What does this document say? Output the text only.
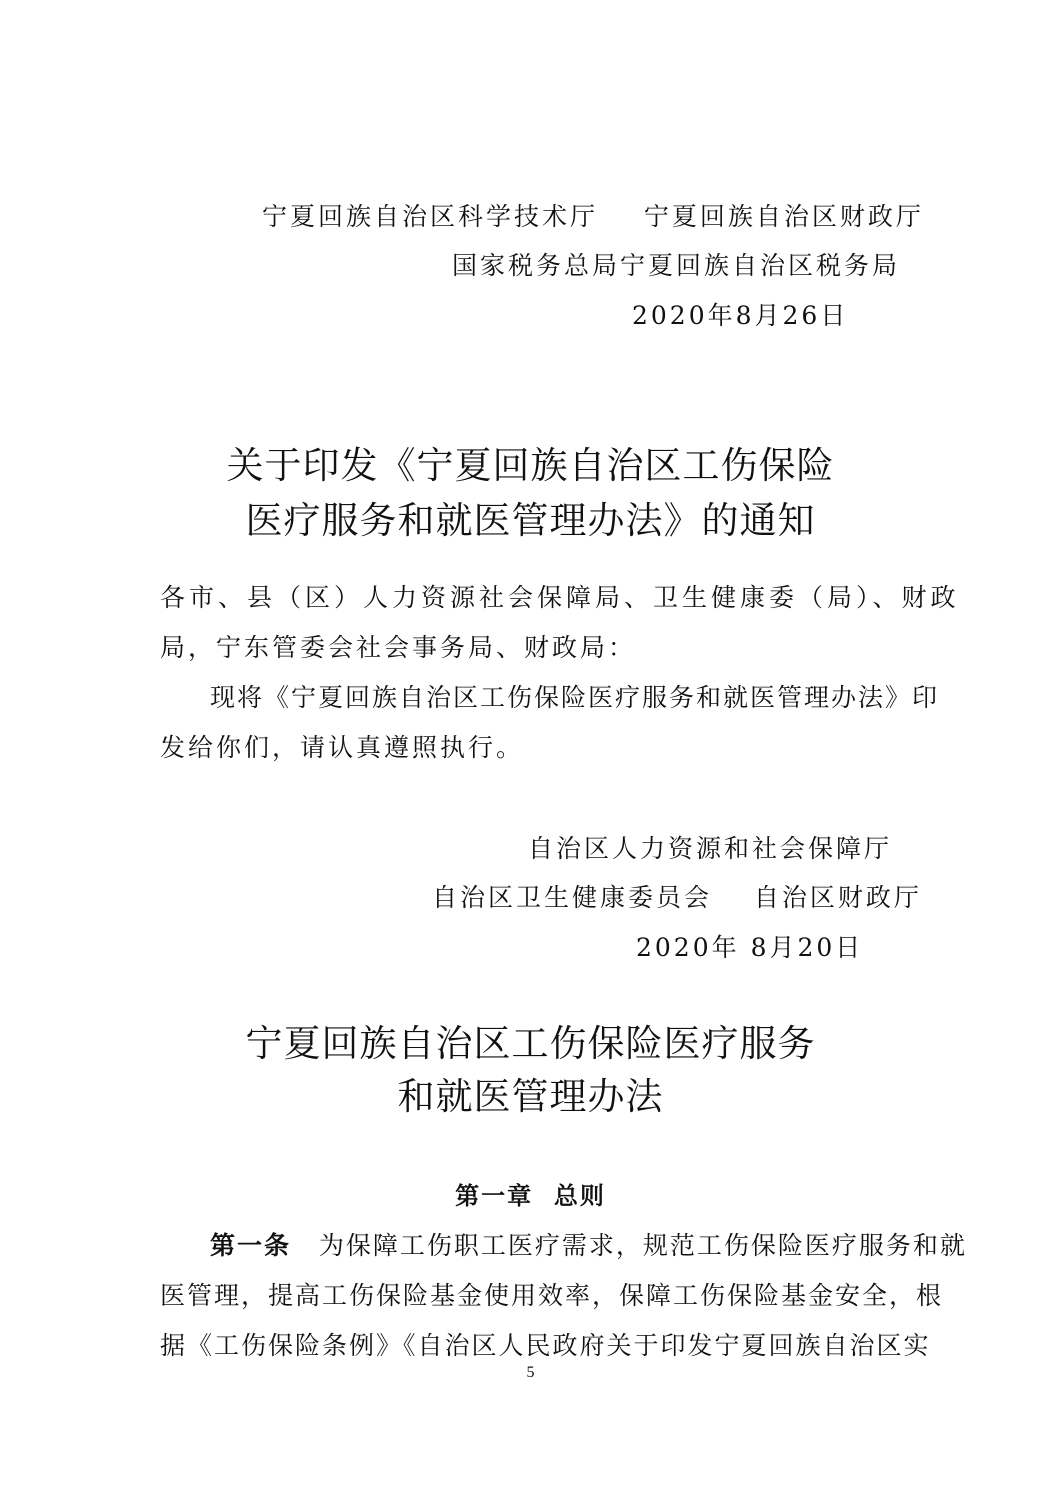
宁夏回族自治区科学技术厅 宁夏回族自治区财政厅
国家税务总局宁夏回族自治区税务局
2020年8月26日
关于印发《宁夏回族自治区工伤保险
医疗服务和就医管理办法》的通知
各市、县（区）人力资源社会保障局、卫生健康委（局）、财政
局，宁东管委会社会事务局、财政局：
现将《宁夏回族自治区工伤保险医疗服务和就医管理办法》印
发给你们，请认真遵照执行。
自治区人力资源和社会保障厅
自治区卫生健康委员会 自治区财政厅
2020年 8月20日
宁夏回族自治区工伤保险医疗服务
和就医管理办法
第一章  总则
第一条 为保障工伤职工医疗需求，规范工伤保险医疗服务和就
医管理，提高工伤保险基金使用效率，保障工伤保险基金安全，根
据《工伤保险条例》《自治区人民政府关于印发宁夏回族自治区实
5
